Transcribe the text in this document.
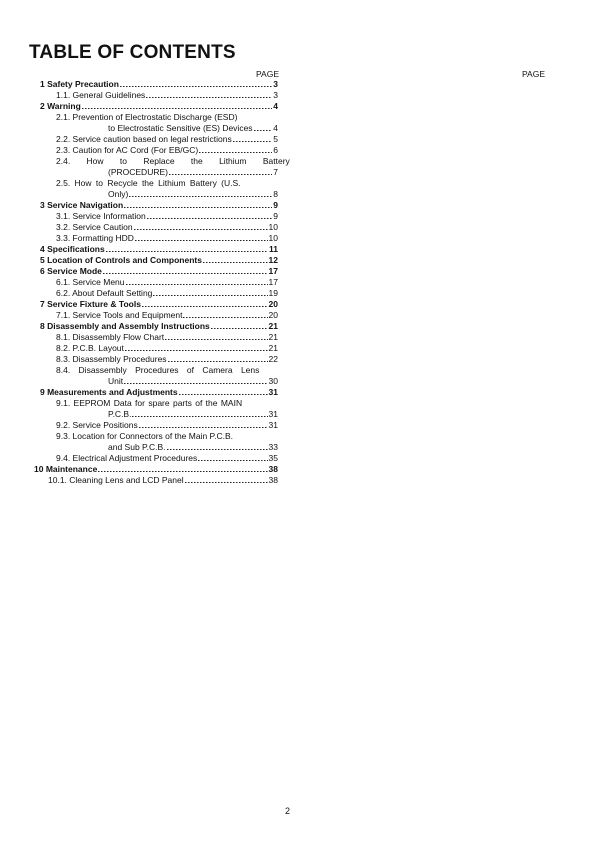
TABLE OF CONTENTS
PAGE	PAGE
1 Safety Precaution	3
1.1. General Guidelines	3
2 Warning	4
2.1. Prevention of Electrostatic Discharge (ESD)
to Electrostatic Sensitive (ES) Devices 4
2.2. Service caution based on legal restrictions	5
2.3. Caution for AC Cord (For EB/GC)	6
2.4. How to Replace the Lithium Battery
(PROCEDURE)	7
2.5. How to Recycle the Lithium Battery (U.S.
Only)	8
3 Service Navigation	9
3.1. Service Information	9
3.2. Service Caution	10
3.3. Formatting HDD	10
4 Specifications	11
5 Location of Controls and Components	12
6 Service Mode	17
6.1. Service Menu	17
6.2. About Default Setting	19
7 Service Fixture & Tools	20
7.1. Service Tools and Equipment	20
8 Disassembly and Assembly Instructions	21
8.1. Disassembly Flow Chart	21
8.2. P.C.B. Layout	21
8.3. Disassembly Procedures	22
8.4. Disassembly Procedures of Camera Lens
Unit	30
9 Measurements and Adjustments	31
9.1. EEPROM Data for spare parts of the MAIN
P.C.B.	31
9.2. Service Positions	31
9.3. Location for Connectors of the Main P.C.B.
and Sub P.C.B.	33
9.4. Electrical Adjustment Procedures	35
10 Maintenance	38
10.1. Cleaning Lens and LCD Panel	38
2
